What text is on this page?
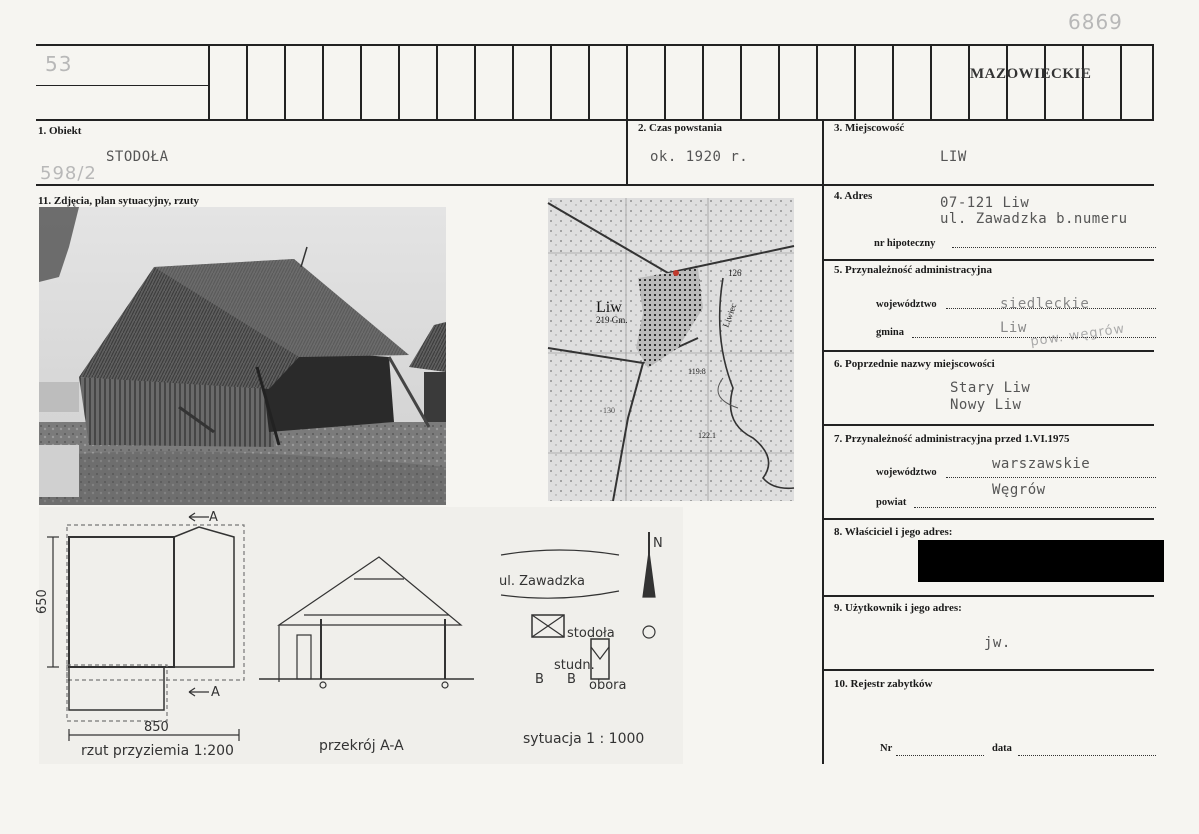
6869
53
598/2
MAZOWIECKIE
1. Obiekt
STODOŁA
2. Czas powstania
ok. 1920 r.
3. Miejscowość
LIW
11. Zdjęcia, plan sytuacyjny, rzuty	4. Adres	07-121 Liw
ul. Zawadzka b.numeru
nr hipoteczny
5. Przynależność administracyjna
województwo	siedleckie
gmina	Liw pow. węgrów
6. Poprzednie nazwy miejscowości
Stary Liw
Nowy Liw
7. Przynależność administracyjna przed 1.VI.1975
województwo
warszawskie
powiat
Węgrów
8. Właściciel i jego adres:
9. Użytkownik i jego adres:
jw.
10. Rejestr zabytków
Nr	data
Liw
219 Gm.	Liwiec
126
119.8
122.1
130
650
850
A
A
rzut przyziemia 1:200	przekrój A-A	sytuacja 1 : 1000
ul. Zawadzka
N
stodoła
studn.
obora
B B
